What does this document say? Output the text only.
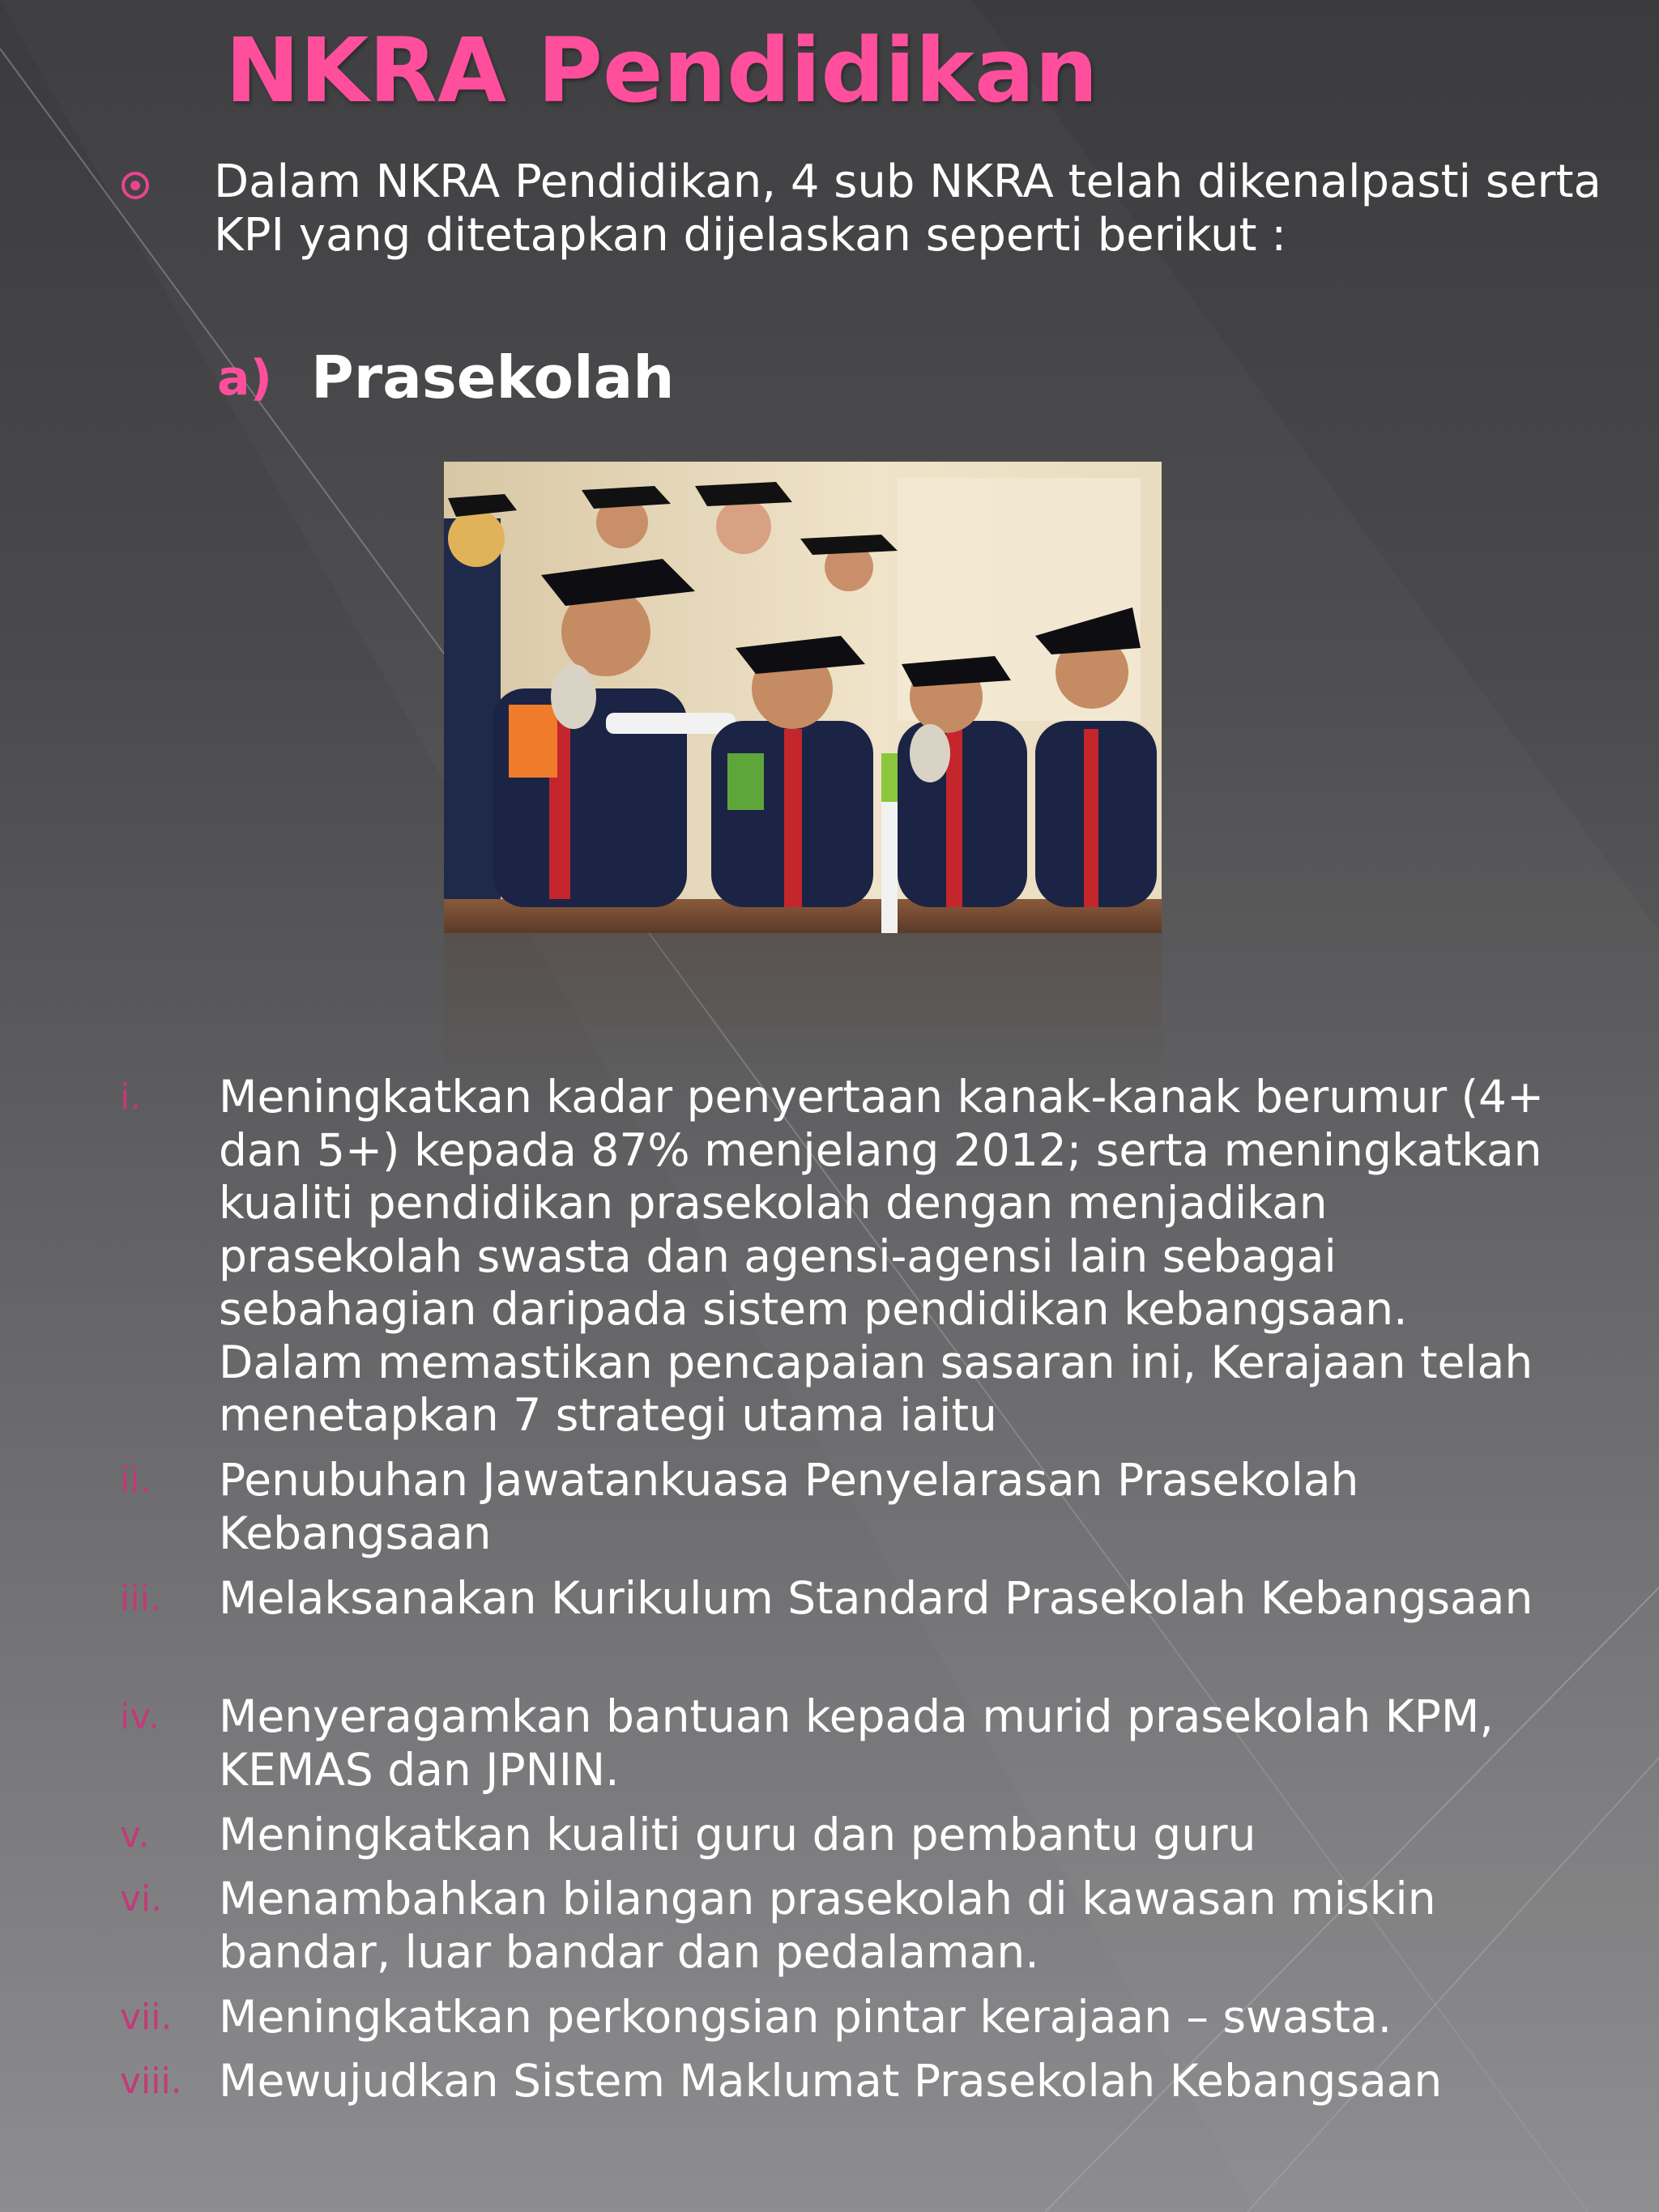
NKRA Pendidikan

Dalam NKRA Pendidikan, 4 sub NKRA telah dikenalpasti serta KPI yang ditetapkan dijelaskan seperti berikut :

a) Prasekolah
i. Meningkatkan kadar penyertaan kanak-kanak berumur (4+ dan 5+) kepada 87% menjelang 2012; serta meningkatkan kualiti pendidikan prasekolah dengan menjadikan prasekolah swasta dan agensi-agensi lain sebagai sebahagian daripada sistem pendidikan kebangsaan. Dalam memastikan pencapaian sasaran ini, Kerajaan telah menetapkan 7 strategi utama iaitu

ii. Penubuhan Jawatankuasa Penyelarasan Prasekolah Kebangsaan

iii. Melaksanakan Kurikulum Standard Prasekolah Kebangsaan

iv. Menyeragamkan bantuan kepada murid prasekolah KPM, KEMAS dan JPNIN.

v. Meningkatkan kualiti guru dan pembantu guru

vi. Menambahkan bilangan prasekolah di kawasan miskin bandar, luar bandar dan pedalaman.

vii. Meningkatkan perkongsian pintar kerajaan – swasta.

viii. Mewujudkan Sistem Maklumat Prasekolah Kebangsaan
